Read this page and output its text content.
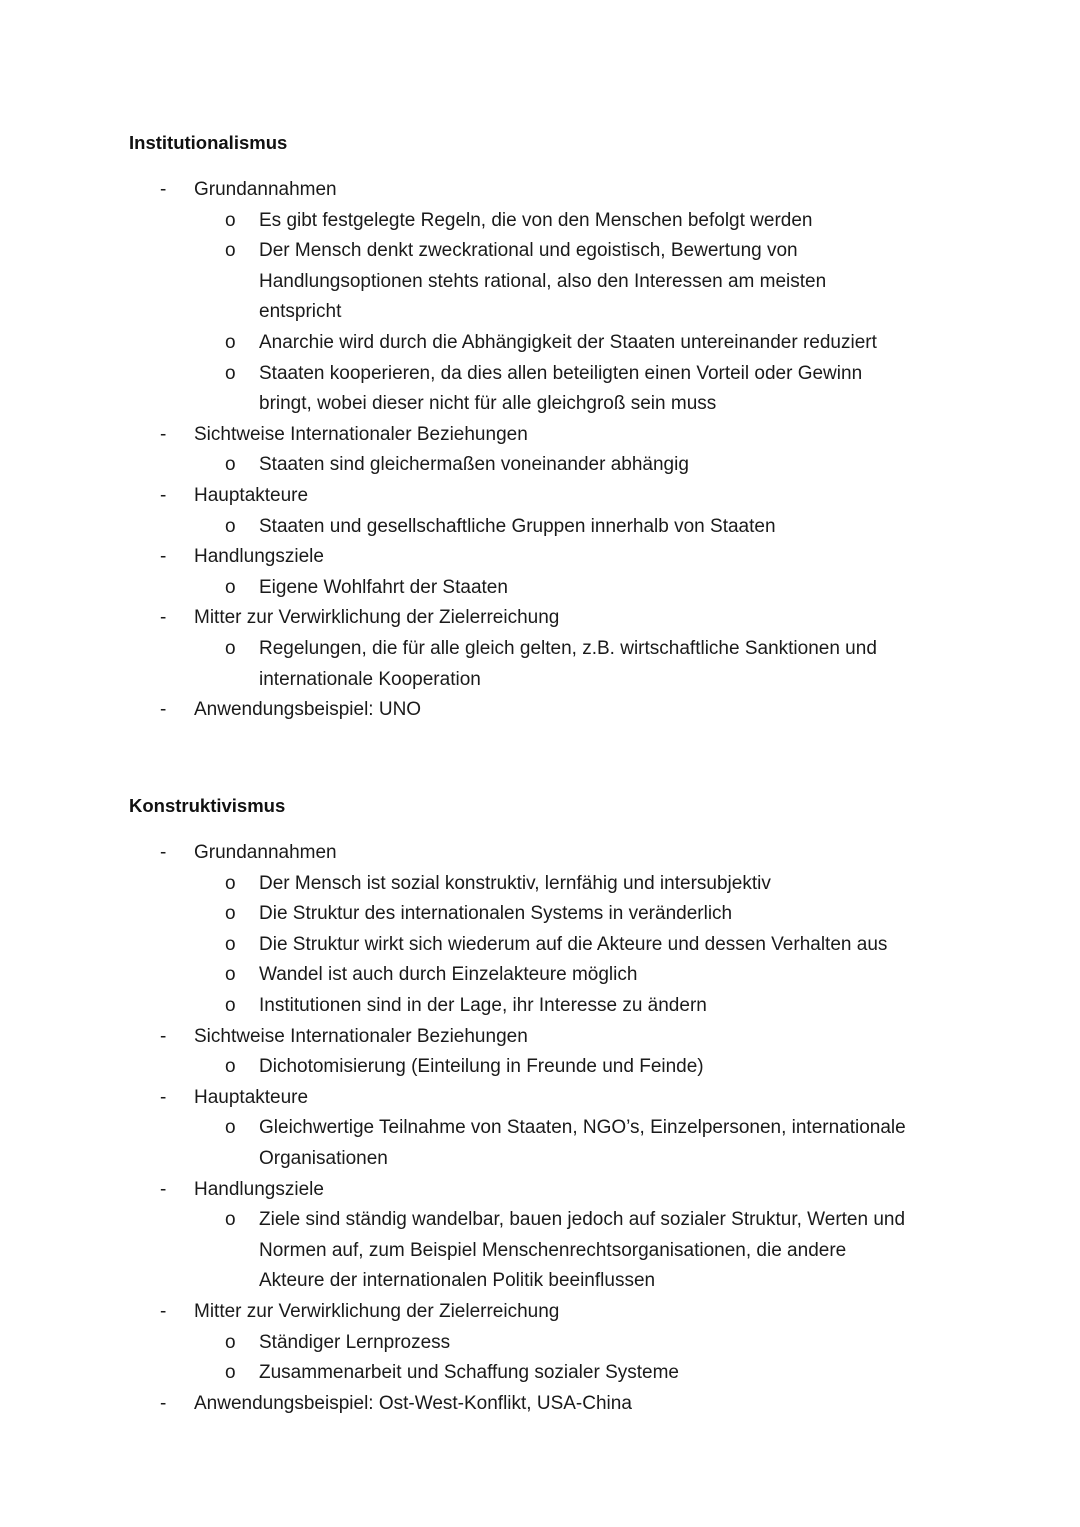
Institutionalismus
- Grundannahmen
o Es gibt festgelegte Regeln, die von den Menschen befolgt werden
o Der Mensch denkt zweckrational und egoistisch, Bewertung von
Handlungsoptionen stehts rational, also den Interessen am meisten
entspricht
o Anarchie wird durch die Abhängigkeit der Staaten untereinander reduziert
o Staaten kooperieren, da dies allen beteiligten einen Vorteil oder Gewinn
bringt, wobei dieser nicht für alle gleichgroß sein muss
- Sichtweise Internationaler Beziehungen
o Staaten sind gleichermaßen voneinander abhängig
- Hauptakteure
o Staaten und gesellschaftliche Gruppen innerhalb von Staaten
- Handlungsziele
o Eigene Wohlfahrt der Staaten
- Mitter zur Verwirklichung der Zielerreichung
o Regelungen, die für alle gleich gelten, z.B. wirtschaftliche Sanktionen und
internationale Kooperation
- Anwendungsbeispiel: UNO
Konstruktivismus
- Grundannahmen
o Der Mensch ist sozial konstruktiv, lernfähig und intersubjektiv
o Die Struktur des internationalen Systems in veränderlich
o Die Struktur wirkt sich wiederum auf die Akteure und dessen Verhalten aus
o Wandel ist auch durch Einzelakteure möglich
o Institutionen sind in der Lage, ihr Interesse zu ändern
- Sichtweise Internationaler Beziehungen
o Dichotomisierung (Einteilung in Freunde und Feinde)
- Hauptakteure
o Gleichwertige Teilnahme von Staaten, NGO’s, Einzelpersonen, internationale
Organisationen
- Handlungsziele
o Ziele sind ständig wandelbar, bauen jedoch auf sozialer Struktur, Werten und
Normen auf, zum Beispiel Menschenrechtsorganisationen, die andere
Akteure der internationalen Politik beeinflussen
- Mitter zur Verwirklichung der Zielerreichung
o Ständiger Lernprozess
o Zusammenarbeit und Schaffung sozialer Systeme
- Anwendungsbeispiel: Ost-West-Konflikt, USA-China
